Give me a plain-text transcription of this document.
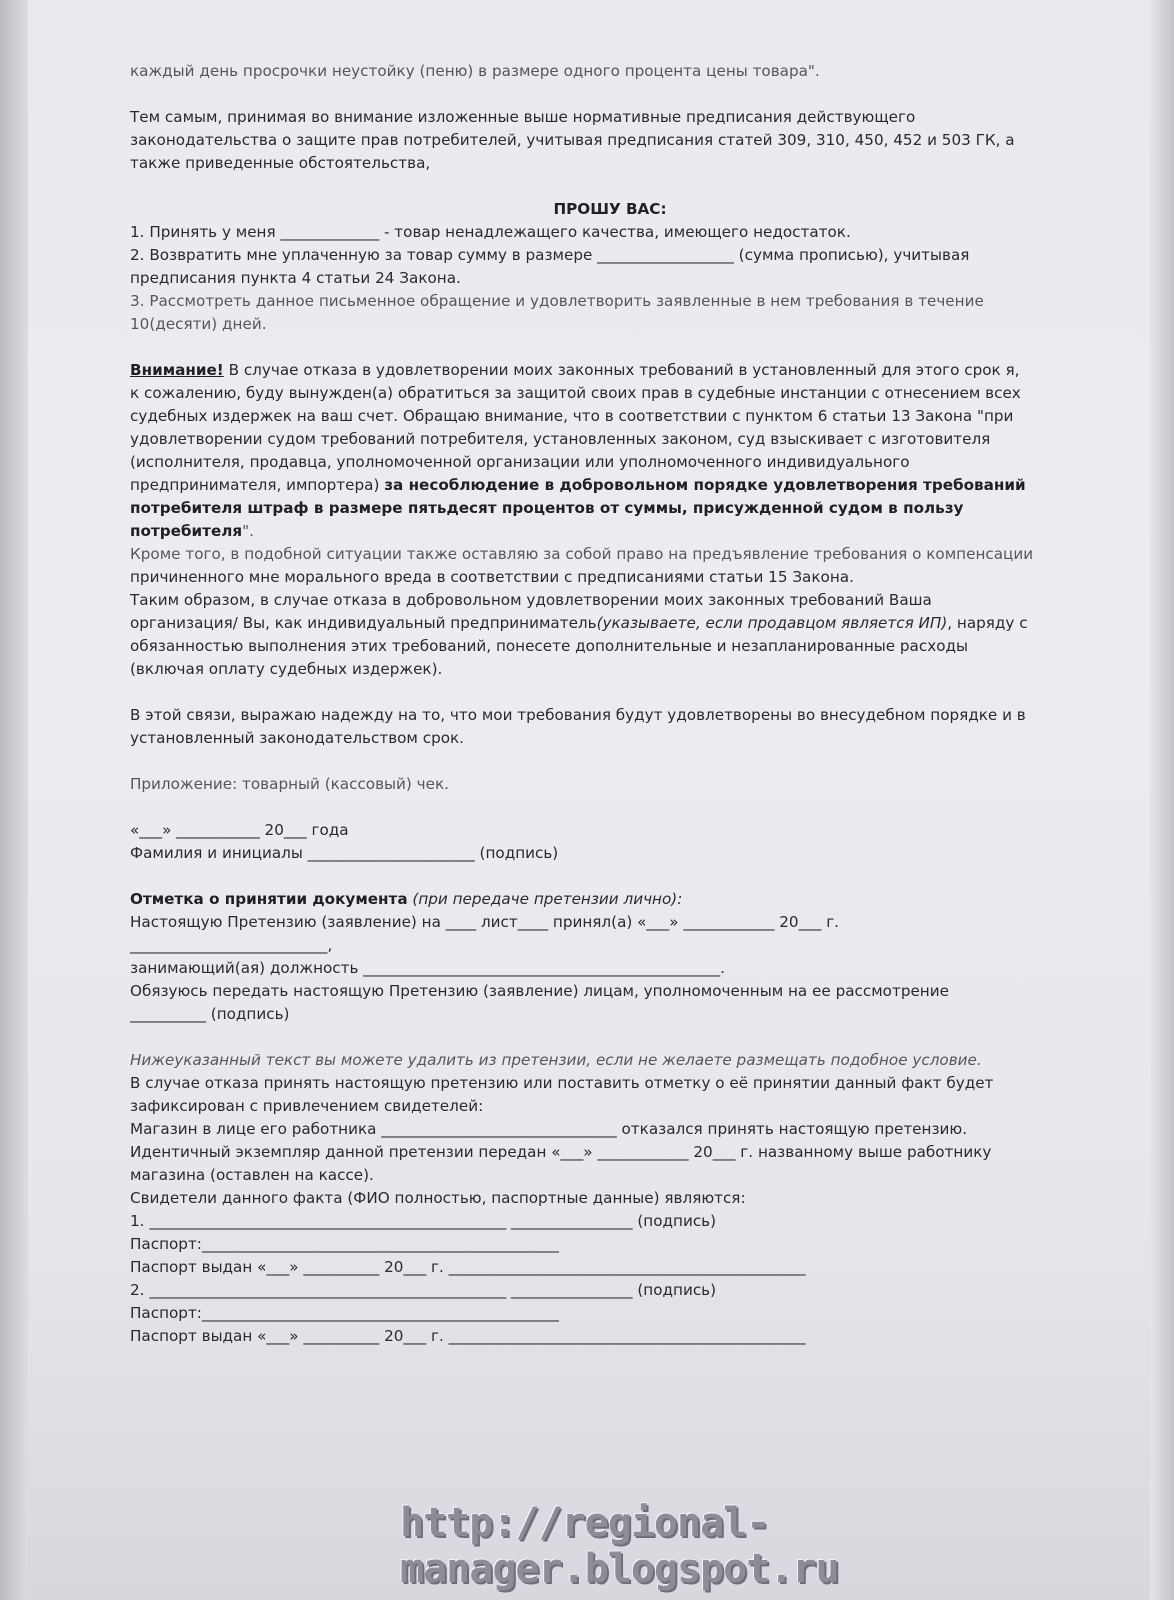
каждый день просрочки неустойку (пеню) в размере одного процента цены товара".

Тем самым, принимая во внимание изложенные выше нормативные предписания действующего
законодательства о защите прав потребителей, учитывая предписания статей 309, 310, 450, 452 и 503 ГК, а
также приведенные обстоятельства,

ПРОШУ ВАС:

1. Принять у меня _____________ - товар ненадлежащего качества, имеющего недостаток.

2. Возвратить мне уплаченную за товар сумму в размере __________________ (сумма прописью), учитывая
предписания пункта 4 статьи 24 Закона.

3. Рассмотреть данное письменное обращение и удовлетворить заявленные в нем требования в течение
10(десяти) дней.

Внимание! В случае отказа в удовлетворении моих законных требований в установленный для этого срок я,
к сожалению, буду вынужден(а) обратиться за защитой своих прав в судебные инстанции с отнесением всех
судебных издержек на ваш счет. Обращаю внимание, что в соответствии с пунктом 6 статьи 13 Закона "при
удовлетворении судом требований потребителя, установленных законом, суд взыскивает с изготовителя
(исполнителя, продавца, уполномоченной организации или уполномоченного индивидуального
предпринимателя, импортера) за несоблюдение в добровольном порядке удовлетворения требований
потребителя штраф в размере пятьдесят процентов от суммы, присужденной судом в пользу
потребителя".

Кроме того, в подобной ситуации также оставляю за собой право на предъявление требования о компенсации
причиненного мне морального вреда в соответствии с предписаниями статьи 15 Закона.

Таким образом, в случае отказа в добровольном удовлетворении моих законных требований Ваша
организация/ Вы, как индивидуальный предприниматель(указываете, если продавцом является ИП), наряду с
обязанностью выполнения этих требований, понесете дополнительные и незапланированные расходы
(включая оплату судебных издержек).

В этой связи, выражаю надежду на то, что мои требования будут удовлетворены во внесудебном порядке и в
установленный законодательством срок.

Приложение: товарный (кассовый) чек.

«___» ___________ 20___ года

Фамилия и инициалы ______________________ (подпись)

Отметка о принятии документа (при передаче претензии лично):

Настоящую Претензию (заявление) на ____ лист____ принял(а) «___» ____________ 20___ г.

__________________________,

занимающий(ая) должность _______________________________________________.

Обязуюсь передать настоящую Претензию (заявление) лицам, уполномоченным на ее рассмотрение

__________ (подпись)

Нижеуказанный текст вы можете удалить из претензии, если не желаете размещать подобное условие.

В случае отказа принять настоящую претензию или поставить отметку о её принятии данный факт будет

зафиксирован с привлечением свидетелей:

Магазин в лице его работника _______________________________ отказался принять настоящую претензию.

Идентичный экземпляр данной претензии передан «___» ____________ 20___ г. названному выше работнику

магазина (оставлен на кассе).

Свидетели данного факта (ФИО полностью, паспортные данные) являются:

1. _______________________________________________ ________________ (подпись)

Паспорт:_______________________________________________

Паспорт выдан «___» __________ 20___ г. _______________________________________________

2. _______________________________________________ ________________ (подпись)

Паспорт:_______________________________________________

Паспорт выдан «___» __________ 20___ г. _______________________________________________

http://regional-manager.blogspot.ru
